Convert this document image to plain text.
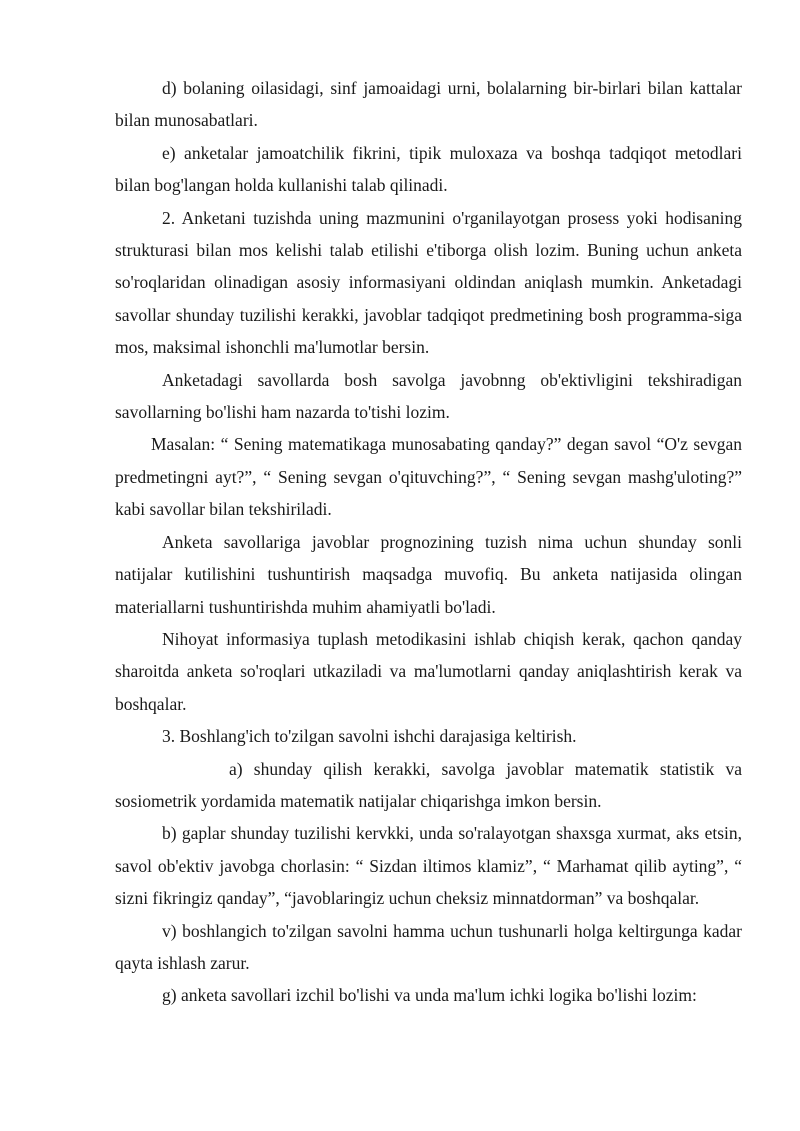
d) bolaning oilasidagi, sinf jamoaidagi urni, bolalarning bir-birlari bilan kattalar bilan munosabatlari.

e) anketalar jamoatchilik fikrini, tipik muloxaza va boshqa tadqiqot metodlari bilan bog'langan holda kullanishi talab qilinadi.

2. Anketani tuzishda uning mazmunini o'rganilayotgan prosess yoki hodisaning strukturasi bilan mos kelishi talab etilishi e'tiborga olish lozim. Buning uchun anketa so'roqlaridan olinadigan asosiy informasiyani oldindan aniqlash mumkin. Anketadagi savollar shunday tuzilishi kerakki, javoblar tadqiqot predmetining bosh programma-siga mos, maksimal ishonchli ma'lumotlar bersin.

Anketadagi savollarda bosh savolga javobnng ob'ektivligini tekshiradigan savollarning bo'lishi ham nazarda to'tishi lozim.

Masalan: “ Sening matematikaga munosabating qanday?” degan savol “O'z sevgan predmetingni ayt?”, “ Sening sevgan o'qituvching?”, “ Sening sevgan mashg'uloting?” kabi savollar bilan tekshiriladi.

Anketa savollariga javoblar prognozining tuzish nima uchun shunday sonli natijalar kutilishini tushuntirish maqsadga muvofiq. Bu anketa natijasida olingan materiallarni tushuntirishda muhim ahamiyatli bo'ladi.

Nihoyat informasiya tuplash metodikasini ishlab chiqish kerak, qachon qanday sharoitda anketa so'roqlari utkaziladi va ma'lumotlarni qanday aniqlashtirish kerak va boshqalar.

3. Boshlang'ich to'zilgan savolni ishchi darajasiga keltirish.

a) shunday qilish kerakki, savolga javoblar matematik statistik va sosiometrik yordamida matematik natijalar chiqarishga imkon bersin.

b) gaplar shunday tuzilishi kervkki, unda so'ralayotgan shaxsga xurmat, aks etsin, savol ob'ektiv javobga chorlasin: “ Sizdan iltimos klamiz”, “ Marhamat qilib ayting”, “ sizni fikringiz qanday”, “javoblaringiz uchun cheksiz minnatdorman” va boshqalar.

v) boshlangich to'zilgan savolni hamma uchun tushunarli holga keltirgunga kadar qayta ishlash zarur.

g) anketa savollari izchil bo'lishi va unda ma'lum ichki logika bo'lishi lozim:
